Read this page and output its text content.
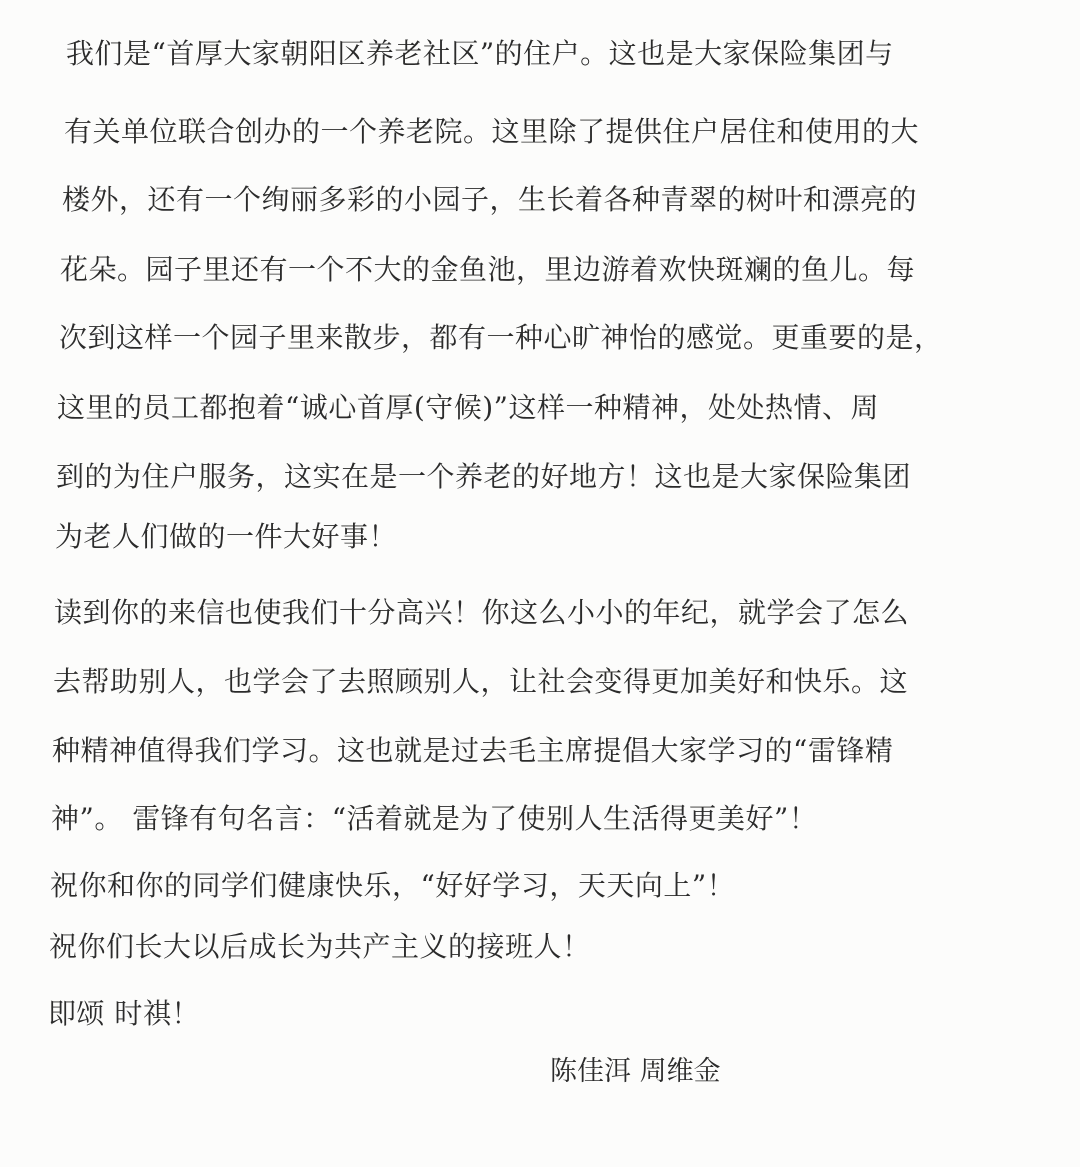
我们是“首厚大家朝阳区养老社区”的住户。这也是大家保险集团与
有关单位联合创办的一个养老院。这里除了提供住户居住和使用的大
楼外，还有一个绚丽多彩的小园子，生长着各种青翠的树叶和漂亮的
花朵。园子里还有一个不大的金鱼池，里边游着欢快斑斓的鱼儿。每
次到这样一个园子里来散步，都有一种心旷神怡的感觉。更重要的是，
这里的员工都抱着“诚心首厚(守候)”这样一种精神，处处热情、周
到的为住户服务，这实在是一个养老的好地方！这也是大家保险集团
为老人们做的一件大好事！
读到你的来信也使我们十分高兴！你这么小小的年纪，就学会了怎么
去帮助别人，也学会了去照顾别人，让社会变得更加美好和快乐。这
种精神值得我们学习。这也就是过去毛主席提倡大家学习的“雷锋精
神”。 雷锋有句名言：“活着就是为了使别人生活得更美好”！
祝你和你的同学们健康快乐，“好好学习，天天向上”！
祝你们长大以后成长为共产主义的接班人！
即颂 时祺！
陈佳洱 周维金
